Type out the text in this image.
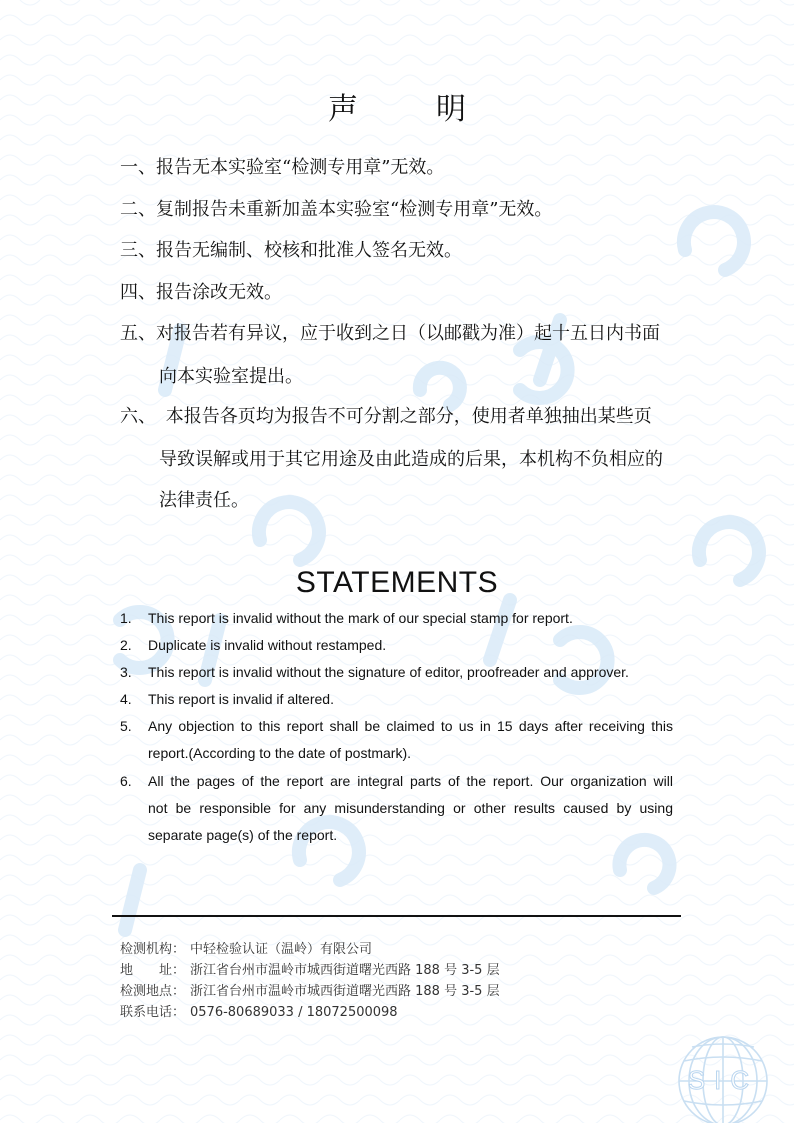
声明
一、报告无本实验室“检测专用章”无效。
二、复制报告未重新加盖本实验室“检测专用章”无效。
三、报告无编制、校核和批准人签名无效。
四、报告涂改无效。
五、对报告若有异议，应于收到之日（以邮戳为准）起十五日内书面
向本实验室提出。
六、 本报告各页均为报告不可分割之部分，使用者单独抽出某些页
导致误解或用于其它用途及由此造成的后果，本机构不负相应的
法律责任。
STATEMENTS
1. This report is invalid without the mark of our special stamp for report.
2. Duplicate is invalid without restamped.
3. This report is invalid without the signature of editor, proofreader and approver.
4. This report is invalid if altered.
5. Any objection to this report shall be claimed to us in 15 days after receiving this
report.(According to the date of postmark).
6. All the pages of the report are integral parts of the report. Our organization will
not be responsible for any misunderstanding or other results caused by using
separate page(s) of the report.
检测机构： 中轻检验认证（温岭）有限公司
地　　址： 浙江省台州市温岭市城西街道曙光西路 188 号 3-5 层
检测地点： 浙江省台州市温岭市城西街道曙光西路 188 号 3-5 层
联系电话： 0576-80689033 / 18072500098
SIC
